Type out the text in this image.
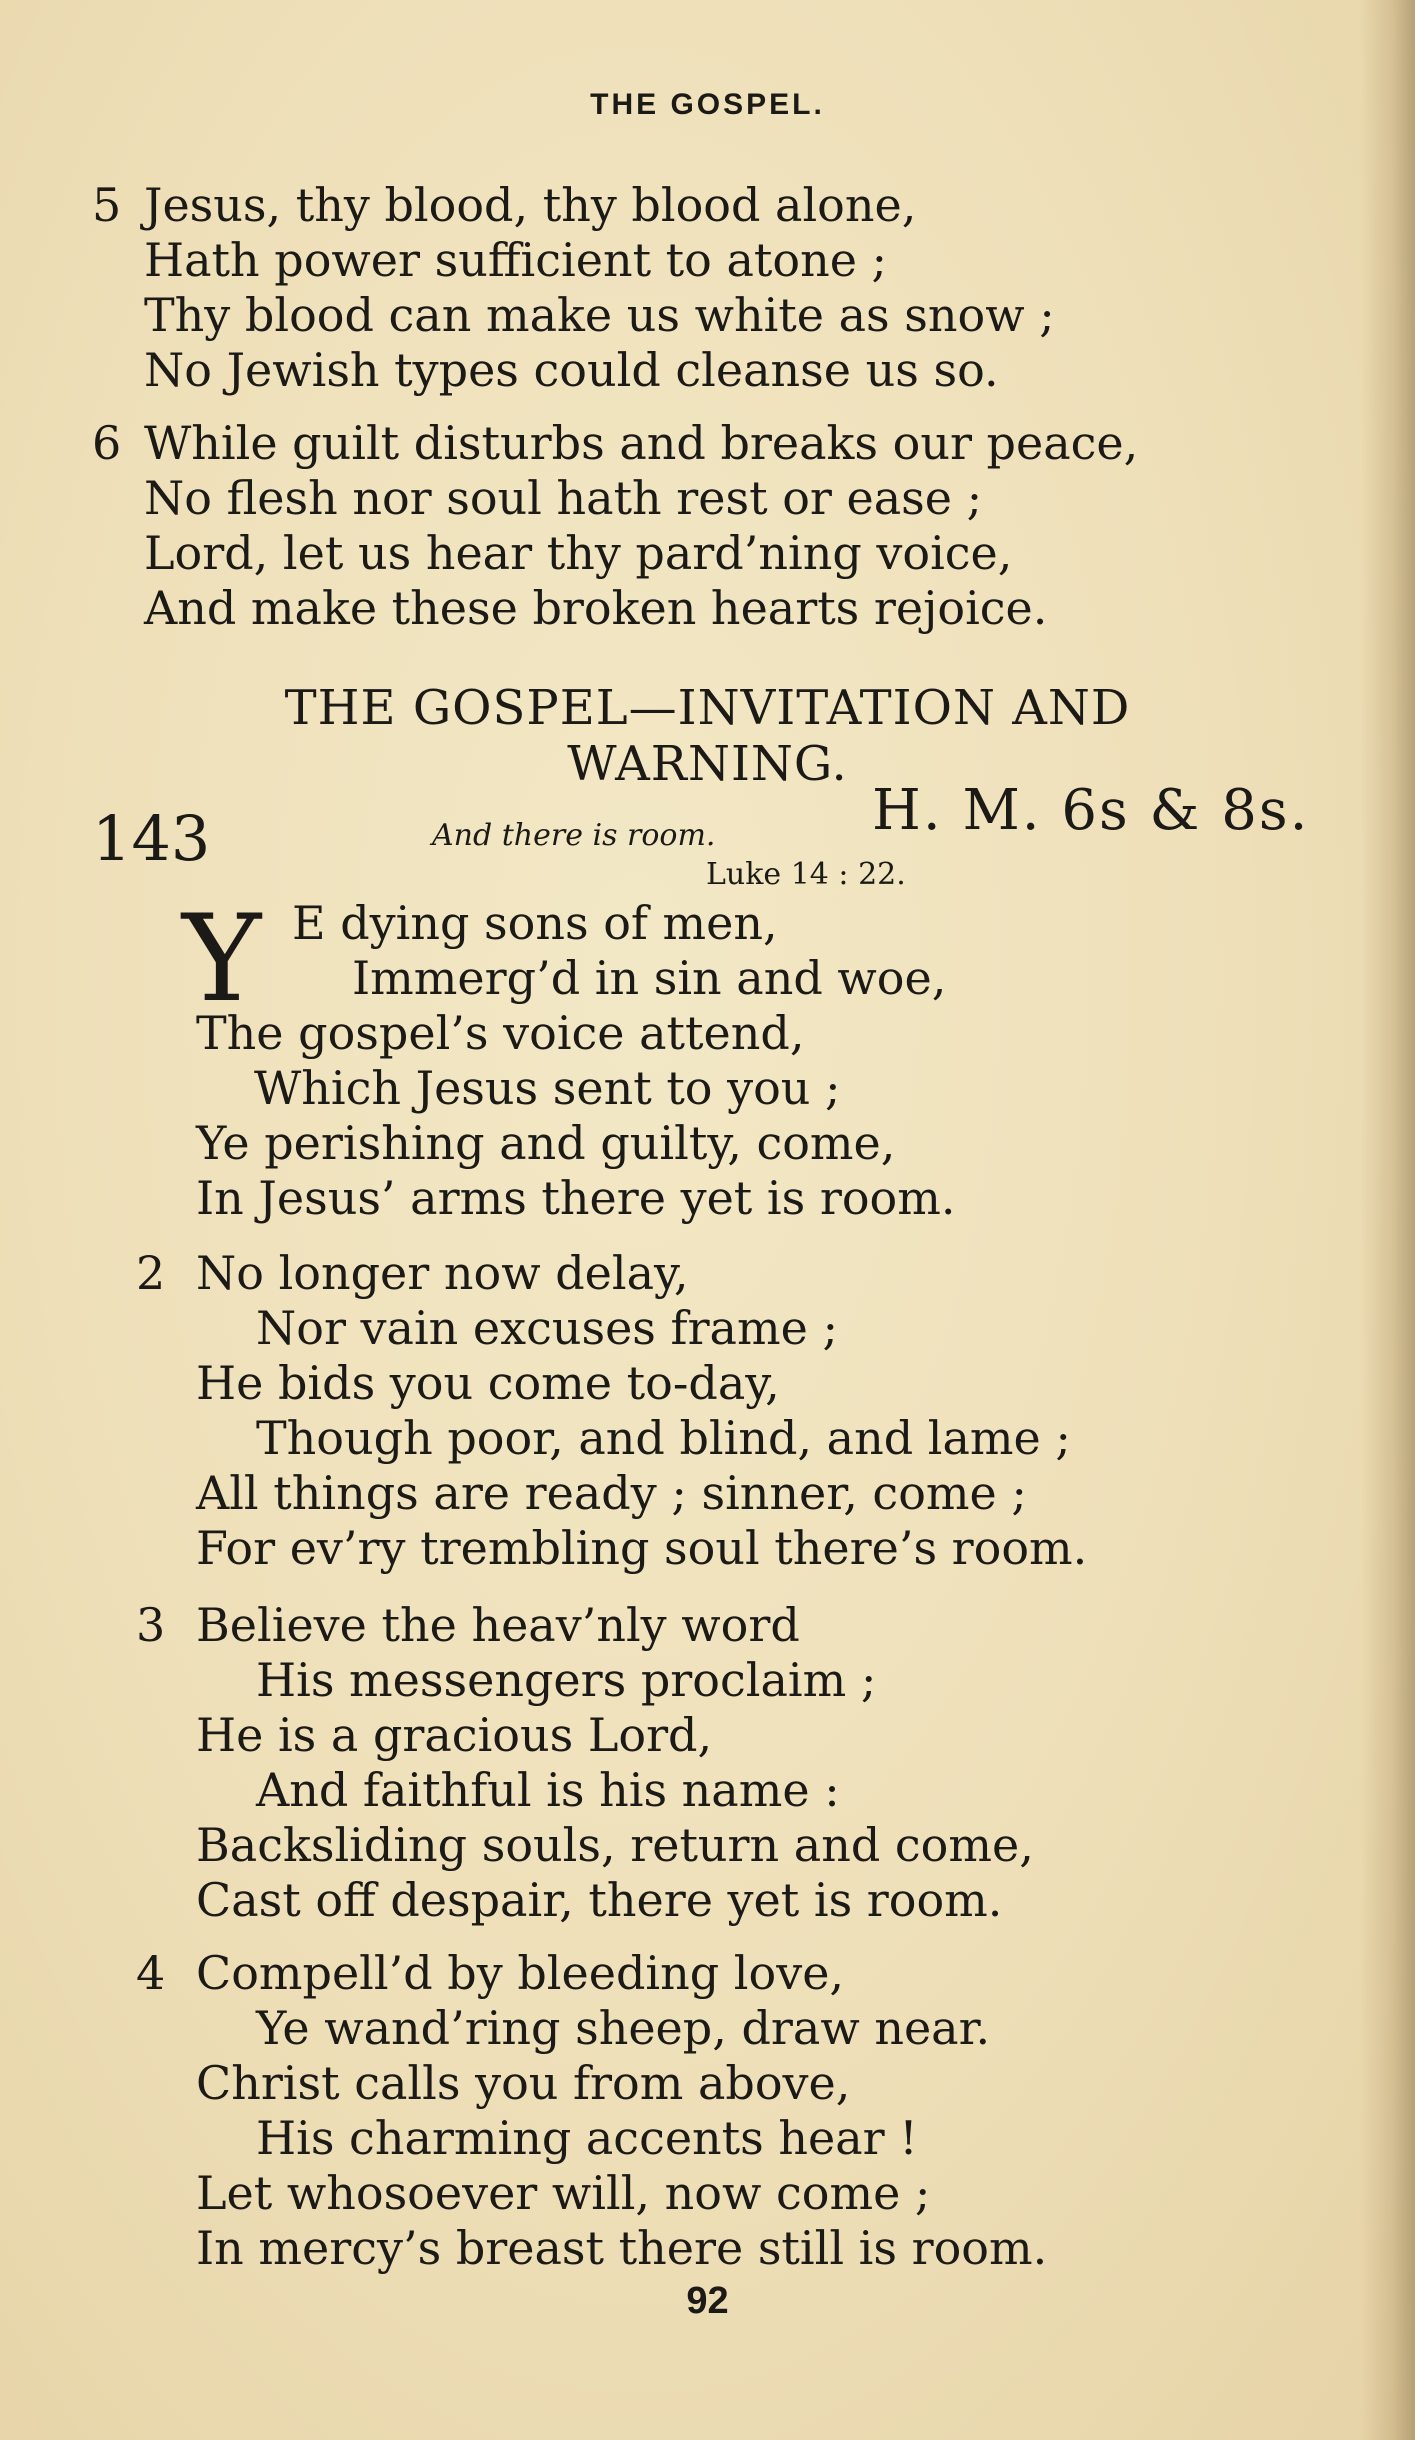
THE GOSPEL.
5 Jesus, thy blood, thy blood alone,
Hath power sufficient to atone ;
Thy blood can make us white as snow ;
No Jewish types could cleanse us so.
6 While guilt disturbs and breaks our peace,
No flesh nor soul hath rest or ease ;
Lord, let us hear thy pard’ning voice,
And make these broken hearts rejoice.
THE GOSPEL—INVITATION AND
WARNING.
143	And there is room.	H. M. 6s & 8s.
Luke 14 : 22.
Y E dying sons of men,
Immerg’d in sin and woe,
The gospel’s voice attend,
Which Jesus sent to you ;
Ye perishing and guilty, come,
In Jesus’ arms there yet is room.
2 No longer now delay,
Nor vain excuses frame ;
He bids you come to-day,
Though poor, and blind, and lame ;
All things are ready ; sinner, come ;
For ev’ry trembling soul there’s room.
3 Believe the heav’nly word
His messengers proclaim ;
He is a gracious Lord,
And faithful is his name :
Backsliding souls, return and come,
Cast off despair, there yet is room.
4 Compell’d by bleeding love,
Ye wand’ring sheep, draw near.
Christ calls you from above,
His charming accents hear !
Let whosoever will, now come ;
In mercy’s breast there still is room.
92
